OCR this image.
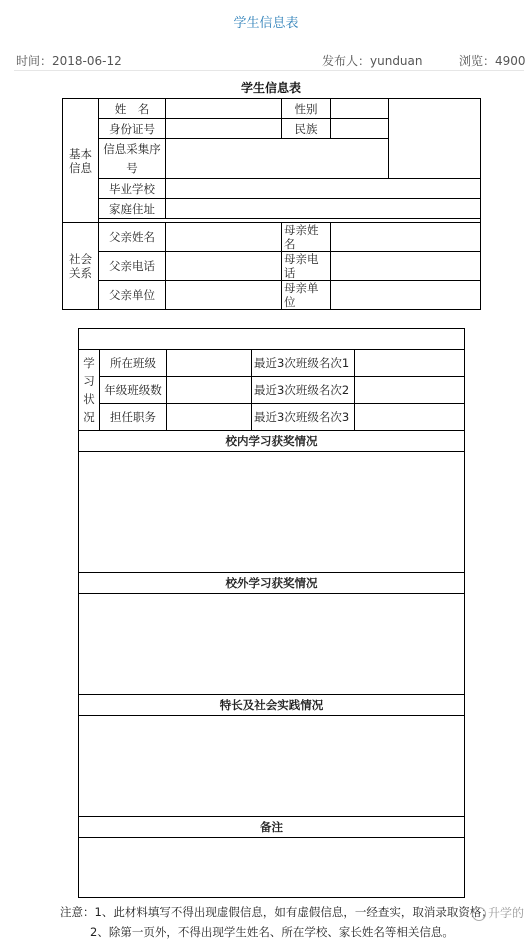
学生信息表
时间：2018-06-12	发布人：yunduan	浏览：4900
学生信息表
基本
信息	姓　名		性别		
	身份证号		民族		
	信息采集序号				

	毕业学校				
	家庭住址				

社会
关系	父亲姓名		母亲姓名		
	父亲电话		母亲电话		
	父亲单位		母亲单位		

学
习
状
况	所在班级		最近3次班级名次1	
	年级班级数		最近3次班级名次2	
	担任职务		最近3次班级名次3	
校内学习获奖情况				

校外学习获奖情况				

特长及社会实践情况				

备注				

注意：1、此材料填写不得出现虚假信息，如有虚假信息，一经查实，取消录取资格；
2、除第一页外，不得出现学生姓名、所在学校、家长姓名等相关信息。
升学的
